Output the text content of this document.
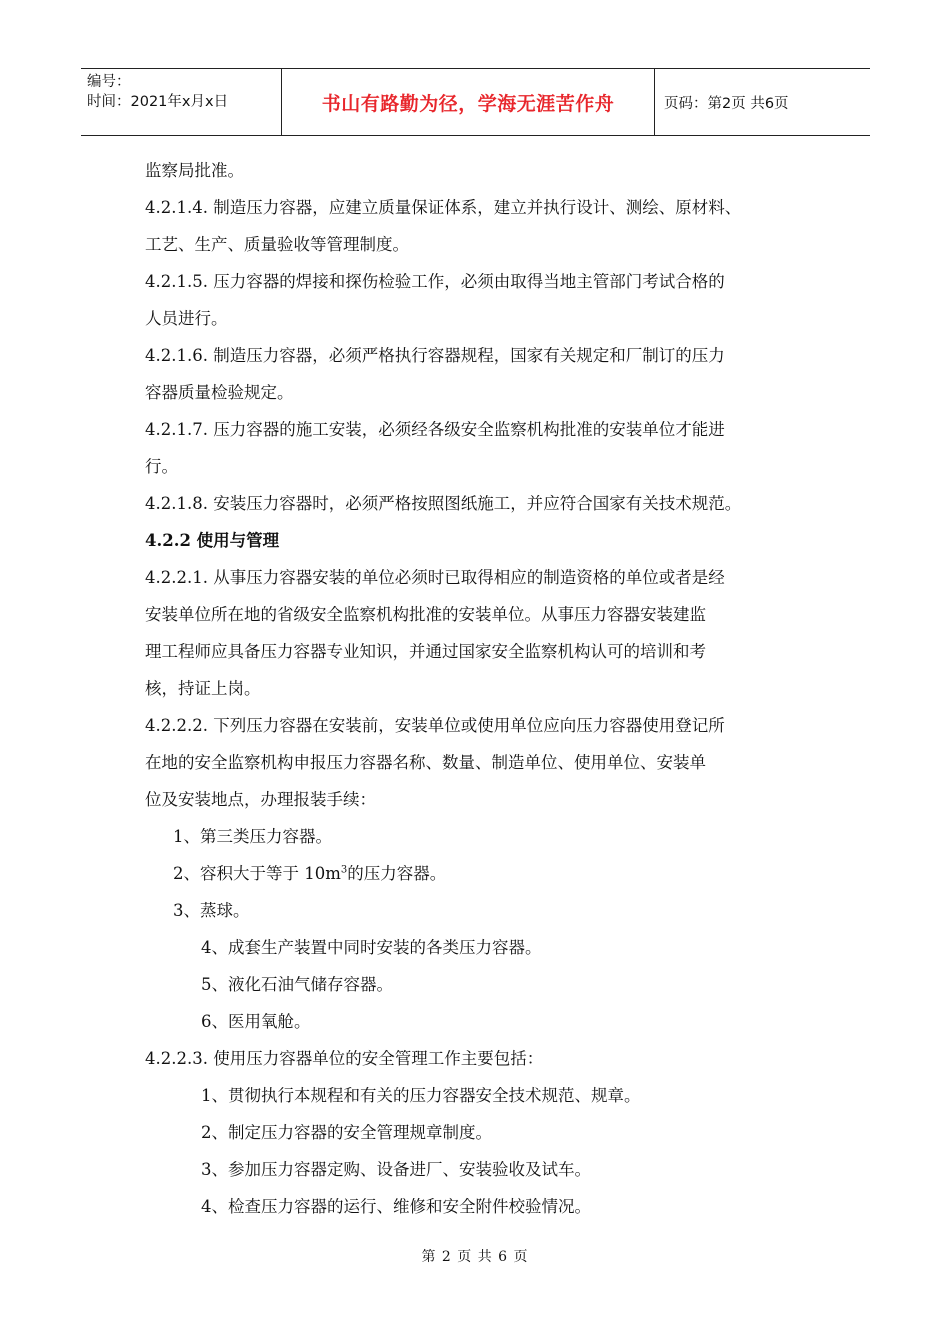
编号：
时间：2021年x月x日	书山有路勤为径，学海无涯苦作舟	页码：第2页 共6页
监察局批准。
4.2.1.4. 制造压力容器，应建立质量保证体系，建立并执行设计、测绘、原材料、
工艺、生产、质量验收等管理制度。
4.2.1.5. 压力容器的焊接和探伤检验工作，必须由取得当地主管部门考试合格的
人员进行。
4.2.1.6. 制造压力容器，必须严格执行容器规程，国家有关规定和厂制订的压力
容器质量检验规定。
4.2.1.7. 压力容器的施工安装，必须经各级安全监察机构批准的安装单位才能进
行。
4.2.1.8. 安装压力容器时，必须严格按照图纸施工，并应符合国家有关技术规范。
4.2.2 使用与管理
4.2.2.1. 从事压力容器安装的单位必须时已取得相应的制造资格的单位或者是经
安装单位所在地的省级安全监察机构批准的安装单位。从事压力容器安装建监
理工程师应具备压力容器专业知识，并通过国家安全监察机构认可的培训和考
核，持证上岗。
4.2.2.2. 下列压力容器在安装前，安装单位或使用单位应向压力容器使用登记所
在地的安全监察机构申报压力容器名称、数量、制造单位、使用单位、安装单
位及安装地点，办理报装手续：
1、第三类压力容器。
2、容积大于等于 $10m^3$的压力容器。
3、蒸球。
4、成套生产装置中同时安装的各类压力容器。
5、液化石油气储存容器。
6、医用氧舱。
4.2.2.3. 使用压力容器单位的安全管理工作主要包括：
1、贯彻执行本规程和有关的压力容器安全技术规范、规章。
2、制定压力容器的安全管理规章制度。
3、参加压力容器定购、设备进厂、安装验收及试车。
4、检查压力容器的运行、维修和安全附件校验情况。
第 2 页 共 6 页
